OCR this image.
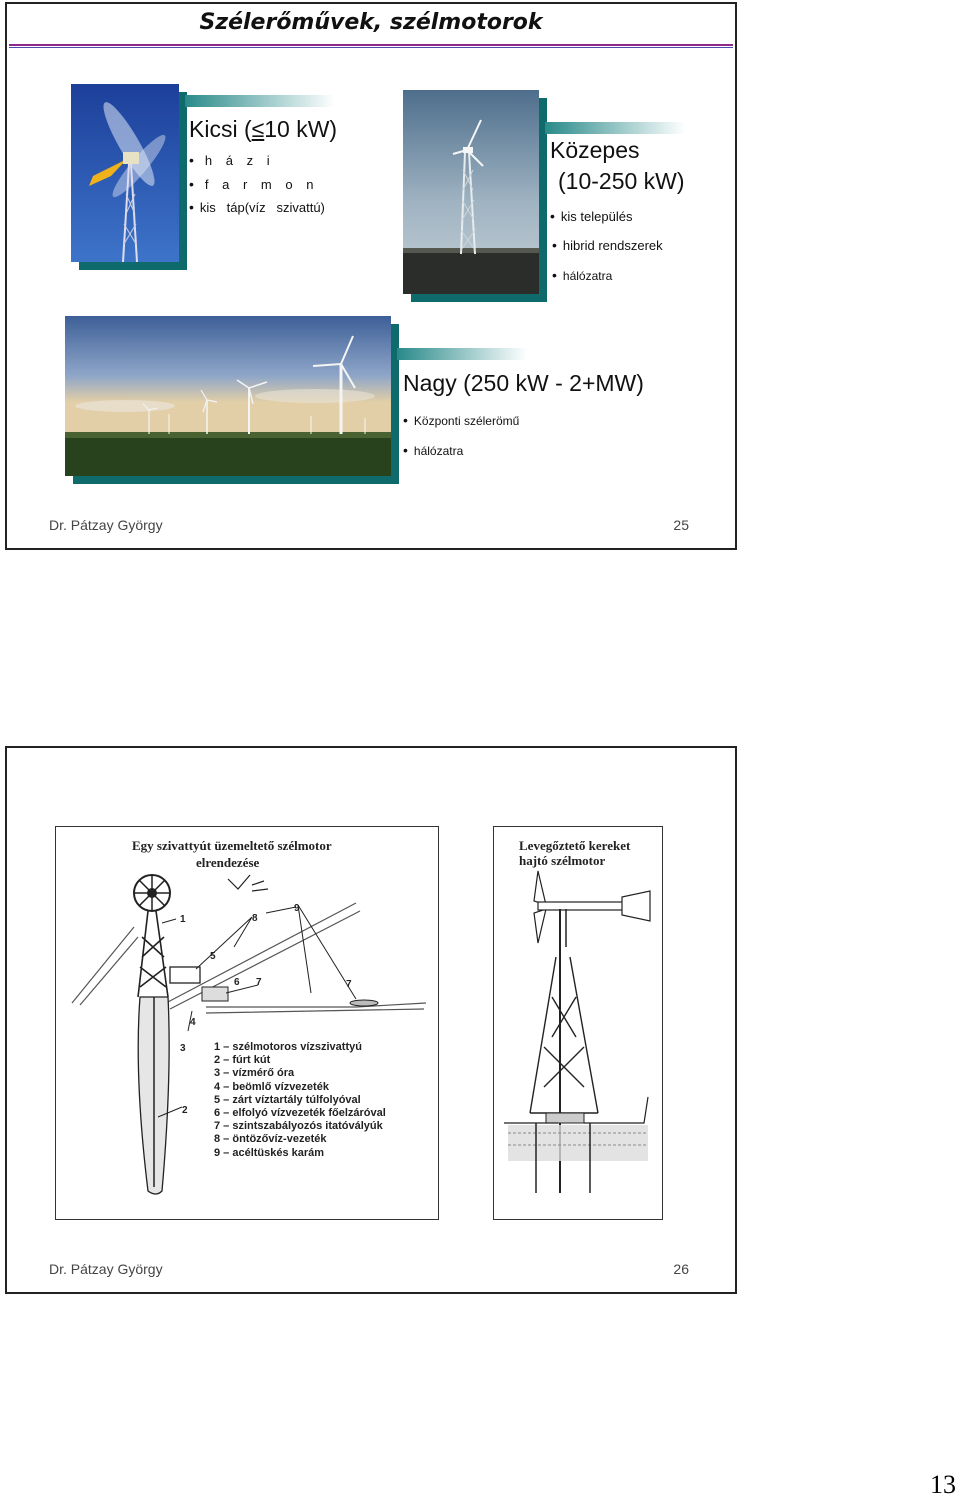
Szélerőművek, szélmotorok
Kicsi (≤10 kW)
• h á z i
• f a r m o n
• kis   táp(víz   szivattú)
Közepes
(10-250 kW)
• kis település
• hibrid rendszerek
• hálózatra
Nagy (250 kW - 2+MW)
• Központi szélerömű
• hálózatra
Dr. Pátzay György	25
Egy szivattyút üzemeltető szélmotor
elrendezése
1
2
3
4
5
6 7	7
8
9
1 – szélmotoros vízszivattyú
2 – fúrt kút
3 – vízmérő óra
4 – beömlő vízvezeték
5 – zárt víztartály túlfolyóval
6 – elfolyó vízvezeték főelzáróval
7 – szintszabályozós itatóvályúk
8 – öntözővíz-vezeték
9 – acéltüskés karám
Levegőztető kereket
hajtó szélmotor
Dr. Pátzay György	26
13
